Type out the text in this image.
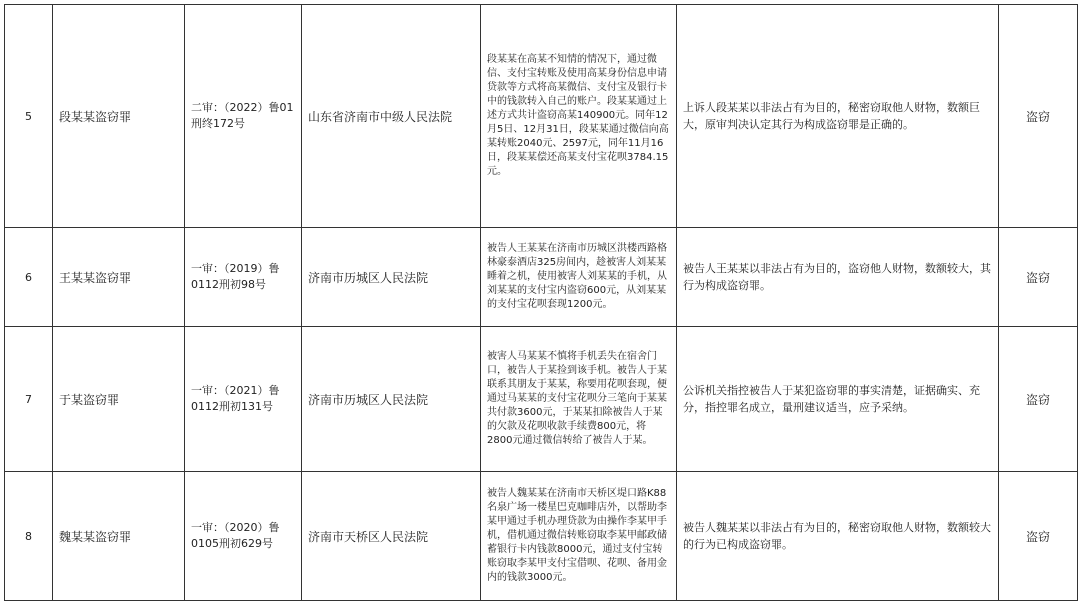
5	段某某盗窃罪	二审：（2022）鲁01刑终172号	山东省济南市中级人民法院	段某某在高某不知情的情况下，通过微信、支付宝转账及使用高某身份信息申请贷款等方式将高某微信、支付宝及银行卡中的钱款转入自己的账户。段某某通过上述方式共计盗窃高某140900元。同年12月5日、12月31日，段某某通过微信向高某转账2040元、2597元，同年11月16日，段某某偿还高某支付宝花呗3784.15元。	上诉人段某某以非法占有为目的，秘密窃取他人财物，数额巨大，原审判决认定其行为构成盗窃罪是正确的。	盗窃
6	王某某盗窃罪	一审：（2019）鲁0112刑初98号	济南市历城区人民法院	被告人王某某在济南市历城区洪楼西路格林豪泰酒店325房间内，趁被害人刘某某睡着之机，使用被害人刘某某的手机，从刘某某的支付宝内盗窃600元，从刘某某的支付宝花呗套现1200元。	被告人王某某以非法占有为目的，盗窃他人财物，数额较大，其行为构成盗窃罪。	盗窃
7	于某盗窃罪	一审：（2021）鲁0112刑初131号	济南市历城区人民法院	被害人马某某不慎将手机丢失在宿舍门口，被告人于某捡到该手机。被告人于某联系其朋友于某某，称要用花呗套现，便通过马某某的支付宝花呗分三笔向于某某共付款3600元，于某某扣除被告人于某的欠款及花呗收款手续费800元，将2800元通过微信转给了被告人于某。	公诉机关指控被告人于某犯盗窃罪的事实清楚，证据确实、充分，指控罪名成立，量刑建议适当，应予采纳。	盗窃
8	魏某某盗窃罪	一审：（2020）鲁0105刑初629号	济南市天桥区人民法院	被告人魏某某在济南市天桥区堤口路K88名泉广场一楼星巴克咖啡店外，以帮助李某甲通过手机办理贷款为由操作李某甲手机，借机通过微信转账窃取李某甲邮政储蓄银行卡内钱款8000元，通过支付宝转账窃取李某甲支付宝借呗、花呗、备用金内的钱款3000元。	被告人魏某某以非法占有为目的，秘密窃取他人财物，数额较大的行为已构成盗窃罪。	盗窃
